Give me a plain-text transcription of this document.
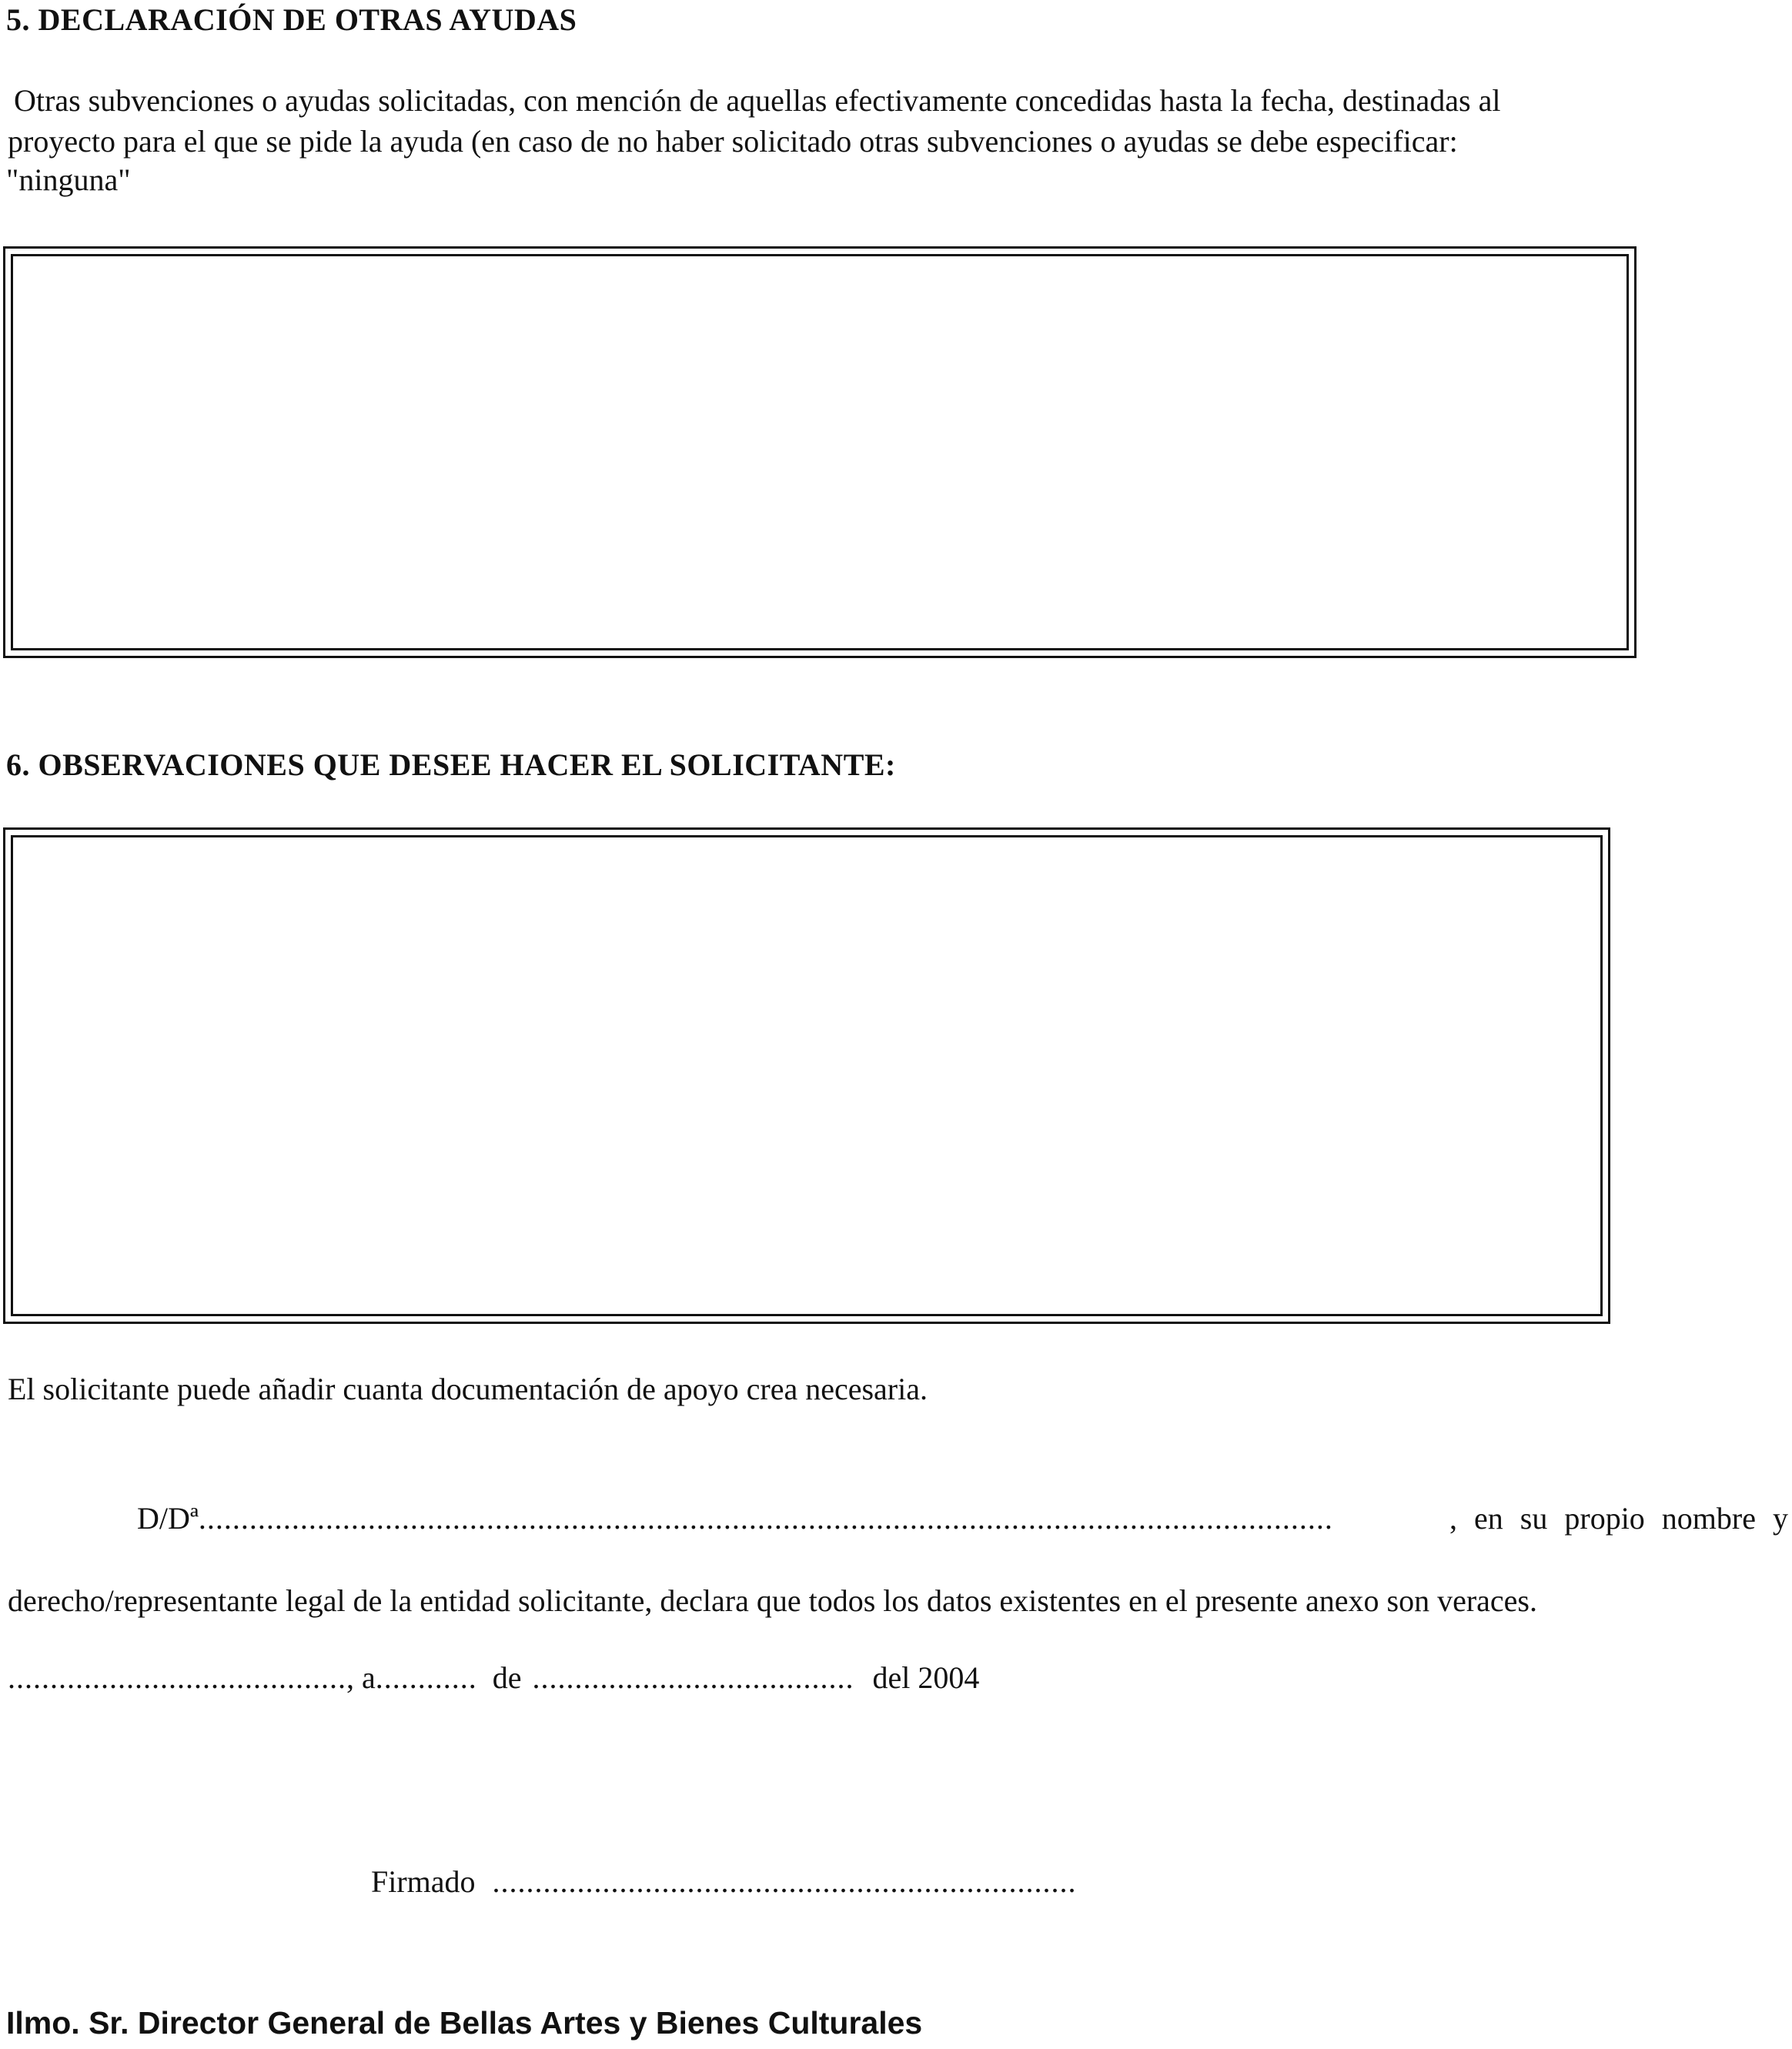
5. DECLARACIÓN DE OTRAS AYUDAS
Otras subvenciones o ayudas solicitadas, con mención de aquellas efectivamente concedidas hasta la fecha, destinadas al
proyecto para el que se pide la ayuda (en caso de no haber solicitado otras subvenciones o ayudas se debe especificar:
"ninguna"
6. OBSERVACIONES QUE DESEE HACER EL SOLICITANTE:
El solicitante puede añadir cuanta documentación de apoyo crea necesaria.
D/Dª ......................................................................................................................................	, en su propio nombre y
derecho/representante legal de la entidad solicitante, declara que todos los datos existentes en el presente anexo son veraces.
........................................ , a ............ de ...................................... del 2004
Firmado .....................................................................
Ilmo. Sr. Director General de Bellas Artes y Bienes Culturales
